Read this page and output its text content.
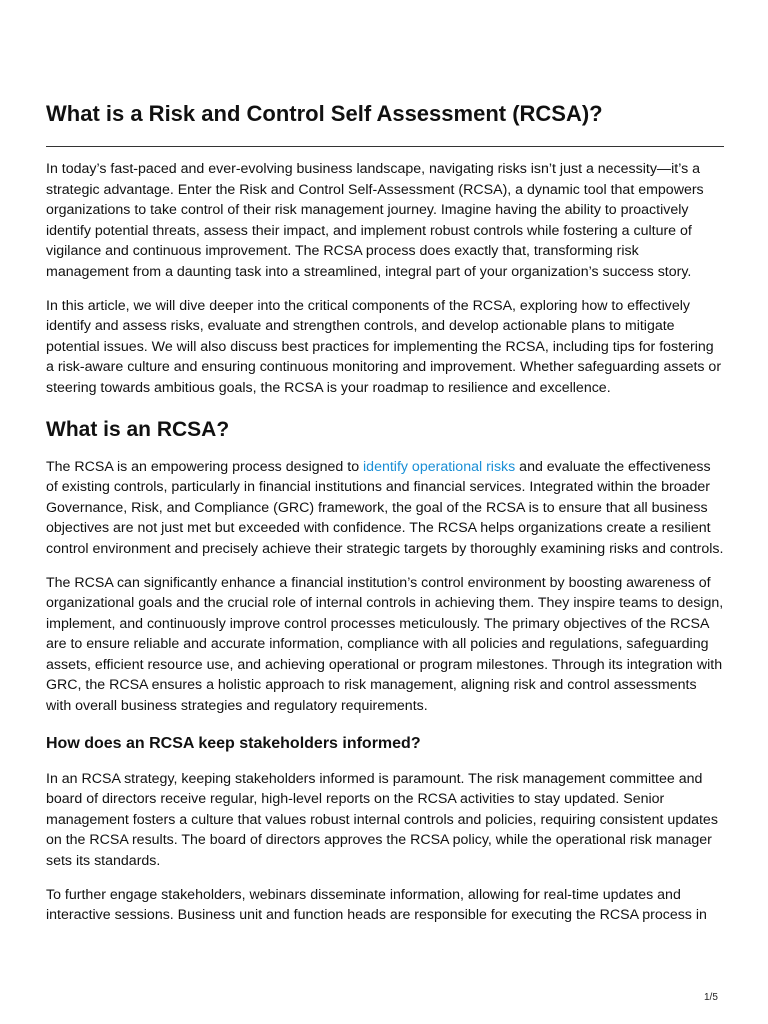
What is a Risk and Control Self Assessment (RCSA)?

In today’s fast-paced and ever-evolving business landscape, navigating risks isn’t just a necessity—it’s a strategic advantage. Enter the Risk and Control Self-Assessment (RCSA), a dynamic tool that empowers organizations to take control of their risk management journey. Imagine having the ability to proactively identify potential threats, assess their impact, and implement robust controls while fostering a culture of vigilance and continuous improvement. The RCSA process does exactly that, transforming risk management from a daunting task into a streamlined, integral part of your organization’s success story.

In this article, we will dive deeper into the critical components of the RCSA, exploring how to effectively identify and assess risks, evaluate and strengthen controls, and develop actionable plans to mitigate potential issues. We will also discuss best practices for implementing the RCSA, including tips for fostering a risk-aware culture and ensuring continuous monitoring and improvement. Whether safeguarding assets or steering towards ambitious goals, the RCSA is your roadmap to resilience and excellence.

What is an RCSA?

The RCSA is an empowering process designed to identify operational risks and evaluate the effectiveness of existing controls, particularly in financial institutions and financial services. Integrated within the broader Governance, Risk, and Compliance (GRC) framework, the goal of the RCSA is to ensure that all business objectives are not just met but exceeded with confidence. The RCSA helps organizations create a resilient control environment and precisely achieve their strategic targets by thoroughly examining risks and controls.

The RCSA can significantly enhance a financial institution’s control environment by boosting awareness of organizational goals and the crucial role of internal controls in achieving them. They inspire teams to design, implement, and continuously improve control processes meticulously. The primary objectives of the RCSA are to ensure reliable and accurate information, compliance with all policies and regulations, safeguarding assets, efficient resource use, and achieving operational or program milestones. Through its integration with GRC, the RCSA ensures a holistic approach to risk management, aligning risk and control assessments with overall business strategies and regulatory requirements.

How does an RCSA keep stakeholders informed?

In an RCSA strategy, keeping stakeholders informed is paramount. The risk management committee and board of directors receive regular, high-level reports on the RCSA activities to stay updated. Senior management fosters a culture that values robust internal controls and policies, requiring consistent updates on the RCSA results. The board of directors approves the RCSA policy, while the operational risk manager sets its standards.

To further engage stakeholders, webinars disseminate information, allowing for real-time updates and interactive sessions. Business unit and function heads are responsible for executing the RCSA process in

1/5
